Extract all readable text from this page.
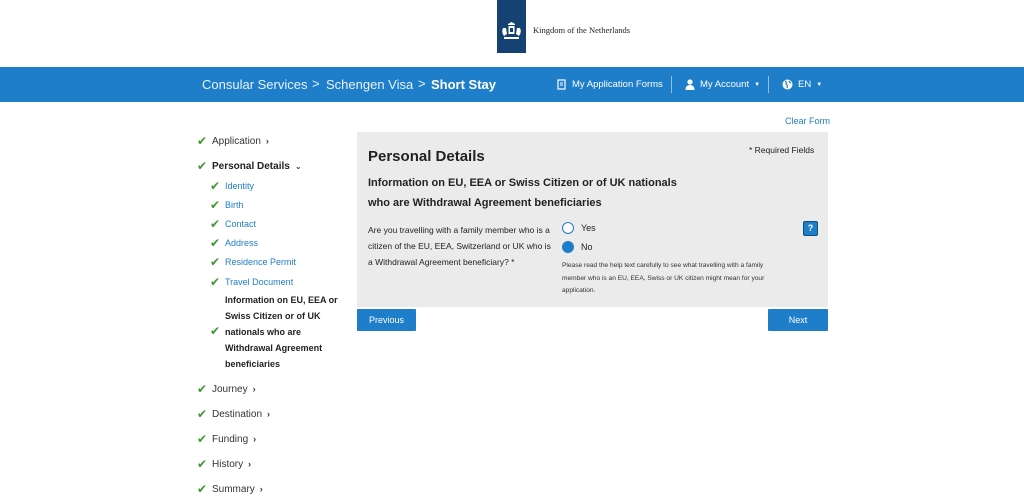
Kingdom of the Netherlands
Consular Services > Schengen Visa > Short Stay	My Application Forms	My Account ▼	EN ▼
✔ Application ›
✔ Personal Details ⌄
✔ Identity
✔ Birth
✔ Contact
✔ Address
✔ Residence Permit
✔ Travel Document
✔
Information on EU, EEA or Swiss Citizen or of UK nationals who are Withdrawal Agreement beneficiaries
✔ Journey ›
✔ Destination ›
✔ Funding ›
✔ History ›
✔ Summary ›
Clear Form
Personal Details	* Required Fields
Information on EU, EEA or Swiss Citizen or of UK nationals who are Withdrawal Agreement beneficiaries
Are you travelling with a family member who is a citizen of the EU, EEA, Switzerland or UK who is a Withdrawal Agreement beneficiary? *
Yes
No
Please read the help text carefully to see what travelling with a family member who is an EU, EEA, Swiss or UK citizen might mean for your application.
?
Previous	Next
